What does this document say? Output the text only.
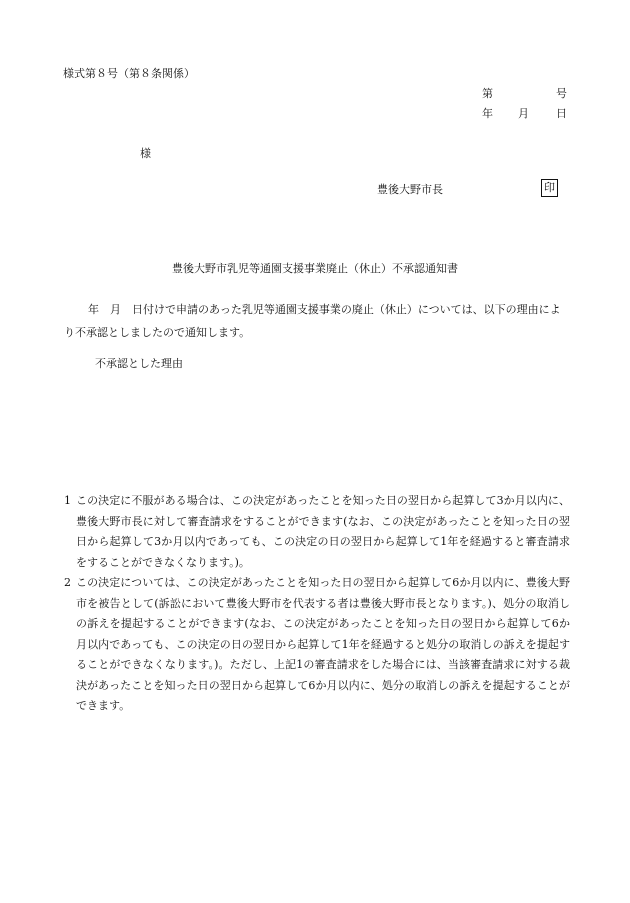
様式第８号（第８条関係）
第	号
年 月 日
様
豊後大野市長	印
豊後大野市乳児等通園支援事業廃止（休止）不承認通知書
年　月　日付けで申請のあった乳児等通園支援事業の廃止（休止）については、以下の理由により不承認としましたので通知します。
不承認とした理由
1 この決定に不服がある場合は、この決定があったことを知った日の翌日から起算して3か月以内に、豊後大野市長に対して審査請求をすることができます(なお、この決定があったことを知った日の翌日から起算して3か月以内であっても、この決定の日の翌日から起算して1年を経過すると審査請求をすることができなくなります。)。
2 この決定については、この決定があったことを知った日の翌日から起算して6か月以内に、豊後大野市を被告として(訴訟において豊後大野市を代表する者は豊後大野市長となります。)、処分の取消しの訴えを提起することができます(なお、この決定があったことを知った日の翌日から起算して6か月以内であっても、この決定の日の翌日から起算して1年を経過すると処分の取消しの訴えを提起することができなくなります。)。ただし、上記1の審査請求をした場合には、当該審査請求に対する裁決があったことを知った日の翌日から起算して6か月以内に、処分の取消しの訴えを提起することができます。
